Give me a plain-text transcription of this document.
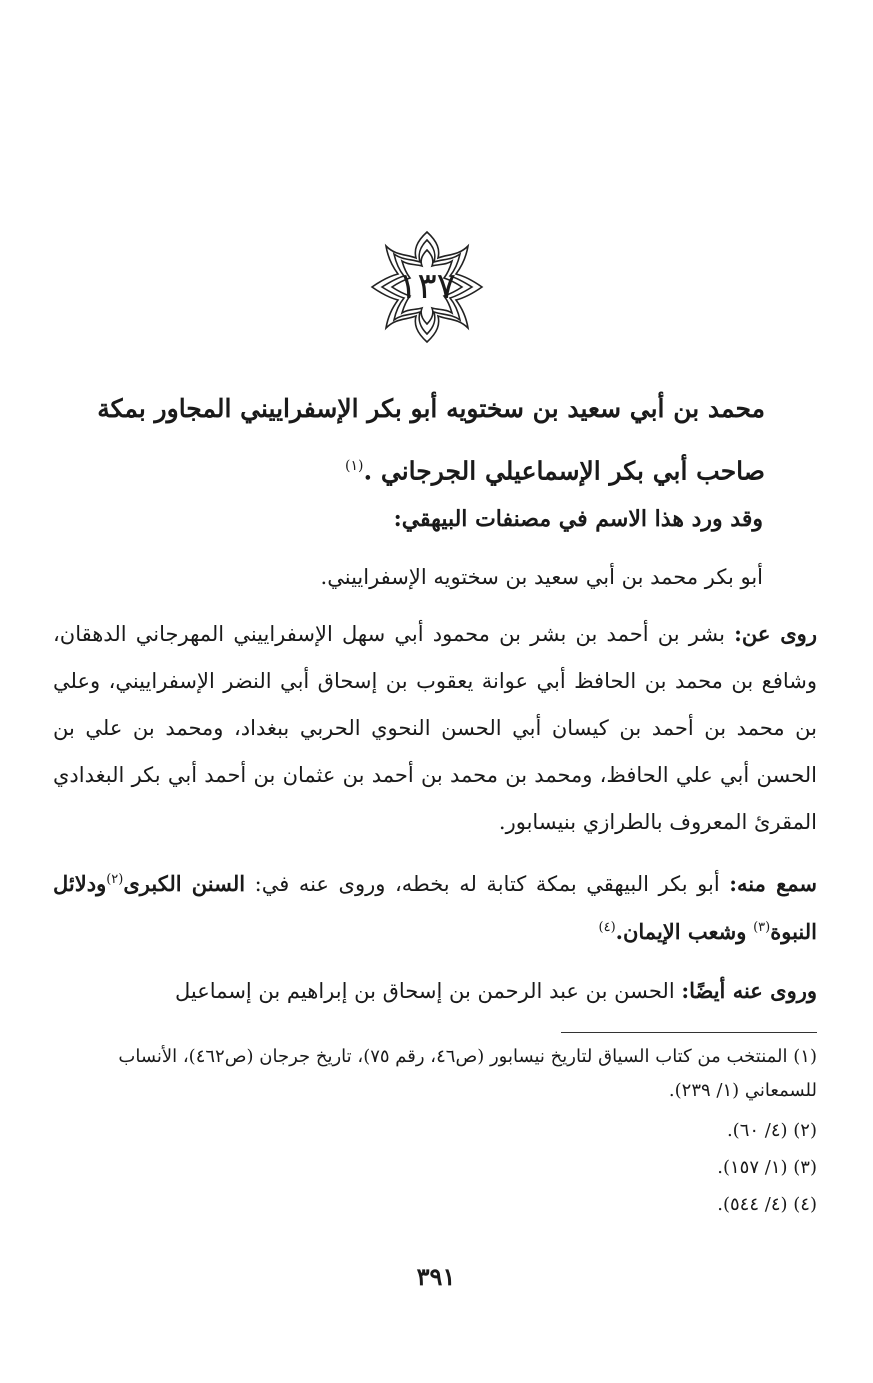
١٣٧
محمد بن أبي سعيد بن سختويه أبو بكر الإسفراييني المجاور بمكة
صاحب أبي بكر الإسماعيلي الجرجاني .$^{(١)}$
وقد ورد هذا الاسم في مصنفات البيهقي:
أبو بكر محمد بن أبي سعيد بن سختويه الإسفراييني.
روى عن: بشر بن أحمد بن بشر بن محمود أبي سهل الإسفراييني المهرجاني الدهقان، وشافع بن محمد بن الحافظ أبي عوانة يعقوب بن إسحاق أبي النضر الإسفراييني، وعلي بن محمد بن أحمد بن كيسان أبي الحسن النحوي الحربي ببغداد، ومحمد بن علي بن الحسن أبي علي الحافظ، ومحمد بن محمد بن أحمد بن عثمان بن أحمد أبي بكر البغدادي المقرئ المعروف بالطرازي بنيسابور.
سمع منه: أبو بكر البيهقي بمكة كتابة له بخطه، وروى عنه في: السنن الكبرى$^{(٢)}$ودلائل النبوة$^{(٣)}$ وشعب الإيمان.$^{(٤)}$
وروى عنه أيضًا: الحسن بن عبد الرحمن بن إسحاق بن إبراهيم بن إسماعيل
(١) المنتخب من كتاب السياق لتاريخ نيسابور (ص٤٦، رقم ٧٥)، تاريخ جرجان (ص٤٦٢)، الأنساب للسمعاني (١/ ٢٣٩).
(٢) (٤/ ٦٠).
(٣) (١/ ١٥٧).
(٤) (٤/ ٥٤٤).
٣٩١
